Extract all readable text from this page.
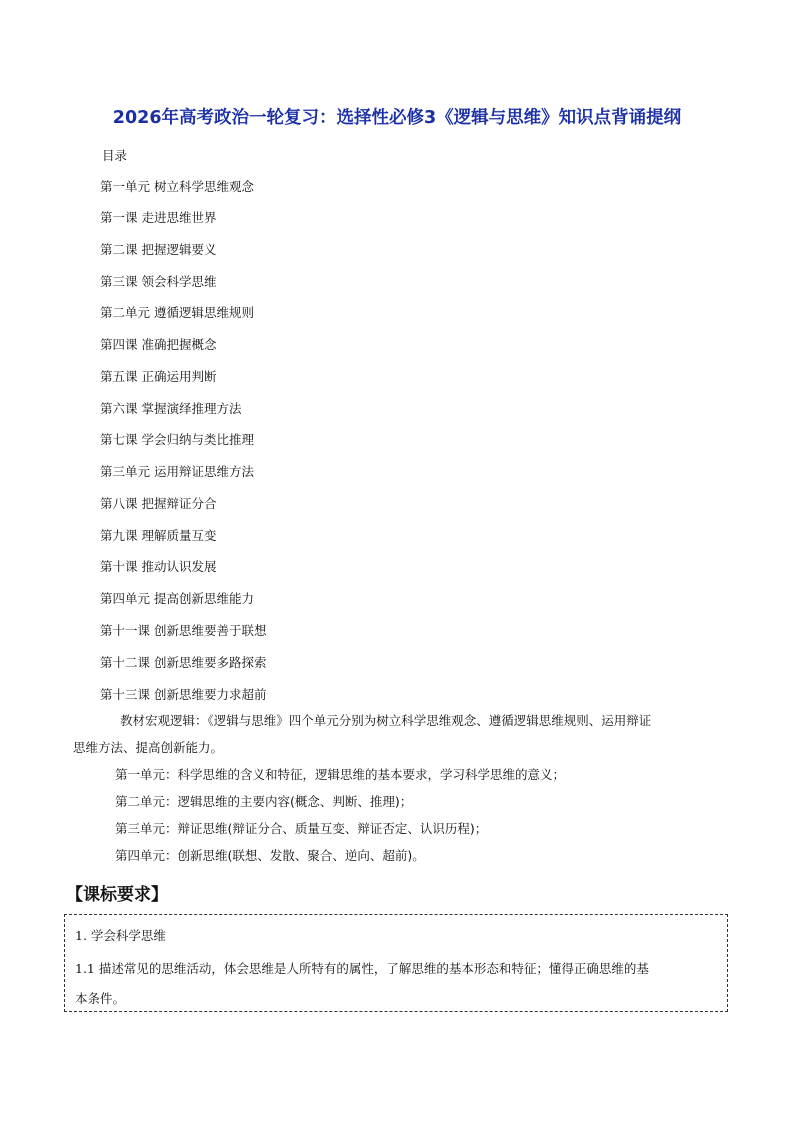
2026年高考政治一轮复习：选择性必修3《逻辑与思维》知识点背诵提纲
目录
第一单元 树立科学思维观念
第一课 走进思维世界
第二课 把握逻辑要义
第三课 领会科学思维
第二单元 遵循逻辑思维规则
第四课 准确把握概念
第五课 正确运用判断
第六课 掌握演绎推理方法
第七课 学会归纳与类比推理
第三单元 运用辩证思维方法
第八课 把握辩证分合
第九课 理解质量互变
第十课 推动认识发展
第四单元 提高创新思维能力
第十一课 创新思维要善于联想
第十二课 创新思维要多路探索
第十三课 创新思维要力求超前
教材宏观逻辑：《逻辑与思维》四个单元分别为树立科学思维观念、遵循逻辑思维规则、运用辩证
思维方法、提高创新能力。
第一单元：科学思维的含义和特征，逻辑思维的基本要求，学习科学思维的意义；
第二单元：逻辑思维的主要内容(概念、判断、推理)；
第三单元：辩证思维(辩证分合、质量互变、辩证否定、认识历程)；
第四单元：创新思维(联想、发散、聚合、逆向、超前)。
【课标要求】
1. 学会科学思维
1.1 描述常见的思维活动，体会思维是人所特有的属性，了解思维的基本形态和特征；懂得正确思维的基
本条件。
